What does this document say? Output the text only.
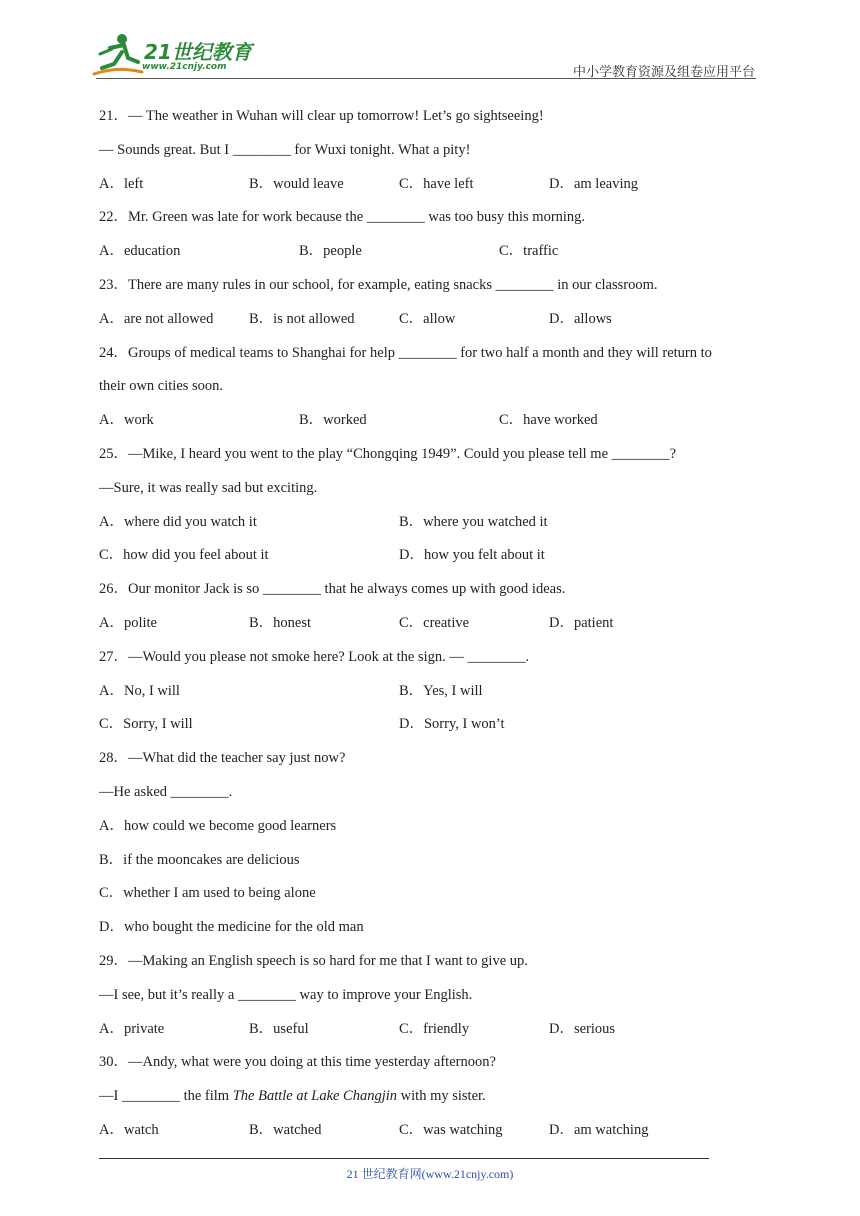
21世纪教育
www.21cnjy.com	中小学教育资源及组卷应用平台
21．— The weather in Wuhan will clear up tomorrow! Let’s go sightseeing!
— Sounds great. But I ________ for Wuxi tonight. What a pity!
A．left	B．would leave	C．have left	D．am leaving
22．Mr. Green was late for work because the ________ was too busy this morning.
A．education	B．people	C．traffic
23．There are many rules in our school, for example, eating snacks ________ in our classroom.
A．are not allowed	B．is not allowed	C．allow	D．allows
24．Groups of medical teams to Shanghai for help ________ for two half a month and they will return to
their own cities soon.
A．work	B．worked	C．have worked
25．—Mike, I heard you went to the play “Chongqing 1949”. Could you please tell me ________?
—Sure, it was really sad but exciting.
A．where did you watch it	B．where you watched it
C．how did you feel about it	D．how you felt about it
26．Our monitor Jack is so ________ that he always comes up with good ideas.
A．polite	B．honest	C．creative	D．patient
27．—Would you please not smoke here? Look at the sign. — ________.
A．No, I will	B．Yes, I will
C．Sorry, I will	D．Sorry, I won’t
28．—What did the teacher say just now?
—He asked ________.
A．how could we become good learners
B．if the mooncakes are delicious
C．whether I am used to being alone
D．who bought the medicine for the old man
29．—Making an English speech is so hard for me that I want to give up.
—I see, but it’s really a ________ way to improve your English.
A．private	B．useful	C．friendly	D．serious
30．—Andy, what were you doing at this time yesterday afternoon?
—I ________ the film The Battle at Lake Changjin with my sister.
A．watch	B．watched	C．was watching	D．am watching
21 世纪教育网(www.21cnjy.com)
